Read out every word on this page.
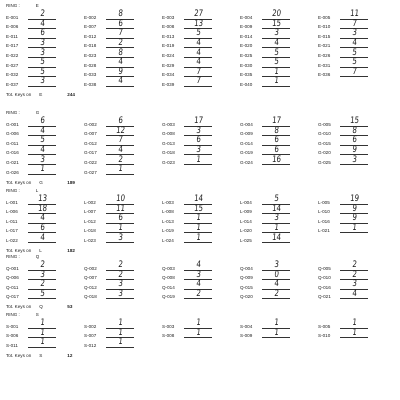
RING :	E
E-001	2
E-006	4
E-011	6
E-017	3
E-022	3
E-027	5
E-032	5
E-037	3
E-002	8
E-007	6
E-012	7
E-018	2
E-023	8
E-028	4
E-033	9
E-038	4
E-003	27
E-008	13
E-013	5
E-019	4
E-024	4
E-029	4
E-034	7
E-039	7
E-004	20
E-009	15
E-014	3
E-020	4
E-025	5
E-030	5
E-035	1
E-040	1
E-005	11
E-010	7
E-015	3
E-021	4
E-026	5
E-031	5
E-036	7
Tot. Keys on E	244
RING :	G
G-001	6
G-006	4
G-011	5
G-016	4
G-021	3
G-026	1
G-002	6
G-007	12
G-012	7
G-017	4
G-022	2
G-027	1
G-003	17
G-008	3
G-013	6
G-018	3
G-023	1
G-004	17
G-009	8
G-014	6
G-019	6
G-024	16
G-005	15
G-010	8
G-015	6
G-020	9
G-025	3
Tot. Keys on G	189
RING :	L
L-001	13
L-006	18
L-011	4
L-017	6
L-022	4
L-002	10
L-007	11
L-012	6
L-018	1
L-023	3
L-003	14
L-008	15
L-013	1
L-019	1
L-024	1
L-004	5
L-009	14
L-014	3
L-020	1
L-025	14
L-005	19
L-010	9
L-016	9
L-021	1
Tot. Keys on L	182
RING :	Q
Q-001	2
Q-006	3
Q-011	2
Q-017	5
Q-002	2
Q-007	2
Q-012	3
Q-018	3
Q-003	4
Q-008	3
Q-014	4
Q-019	2
Q-004	3
Q-009	0
Q-015	4
Q-020	2
Q-005	2
Q-010	2
Q-016	3
Q-021	4
Tot. Keys on Q	53
RING :	S
S-001	1
S-006	1
S-011	1
S-002	1
S-007	1
S-012	1
S-003	1
S-008	1
S-004	1
S-009	1
S-005	1
S-010	1
Tot. Keys on S	12
